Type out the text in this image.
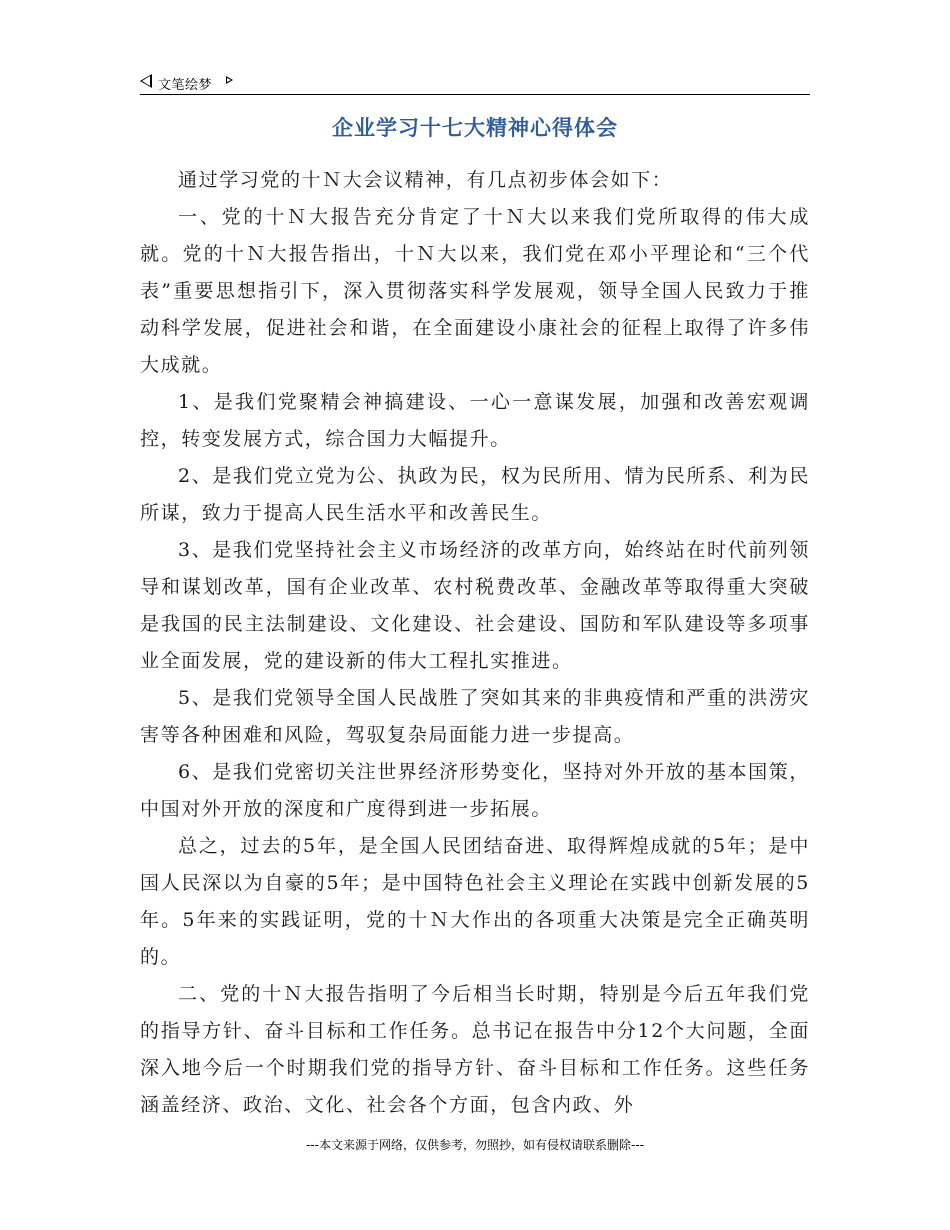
文笔绘梦
企业学习十七大精神心得体会

通过学习党的十Ｎ大会议精神，有几点初步体会如下：

一、党的十Ｎ大报告充分肯定了十Ｎ大以来我们党所取得的伟大成就。党的十Ｎ大报告指出，十Ｎ大以来，我们党在邓小平理论和“三个代表”重要思想指引下，深入贯彻落实科学发展观，领导全国人民致力于推动科学发展，促进社会和谐，在全面建设小康社会的征程上取得了许多伟大成就。

1、是我们党聚精会神搞建设、一心一意谋发展，加强和改善宏观调控，转变发展方式，综合国力大幅提升。

2、是我们党立党为公、执政为民，权为民所用、情为民所系、利为民所谋，致力于提高人民生活水平和改善民生。

3、是我们党坚持社会主义市场经济的改革方向，始终站在时代前列领导和谋划改革，国有企业改革、农村税费改革、金融改革等取得重大突破是我国的民主法制建设、文化建设、社会建设、国防和军队建设等多项事业全面发展，党的建设新的伟大工程扎实推进。

5、是我们党领导全国人民战胜了突如其来的非典疫情和严重的洪涝灾害等各种困难和风险，驾驭复杂局面能力进一步提高。

6、是我们党密切关注世界经济形势变化，坚持对外开放的基本国策，中国对外开放的深度和广度得到进一步拓展。

总之，过去的5年，是全国人民团结奋进、取得辉煌成就的5年；是中国人民深以为自豪的5年；是中国特色社会主义理论在实践中创新发展的5年。5年来的实践证明，党的十Ｎ大作出的各项重大决策是完全正确英明的。

二、党的十Ｎ大报告指明了今后相当长时期，特别是今后五年我们党的指导方针、奋斗目标和工作任务。总书记在报告中分12个大问题，全面深入地今后一个时期我们党的指导方针、奋斗目标和工作任务。这些任务涵盖经济、政治、文化、社会各个方面，包含内政、外

---本文来源于网络，仅供参考，勿照抄，如有侵权请联系删除---
